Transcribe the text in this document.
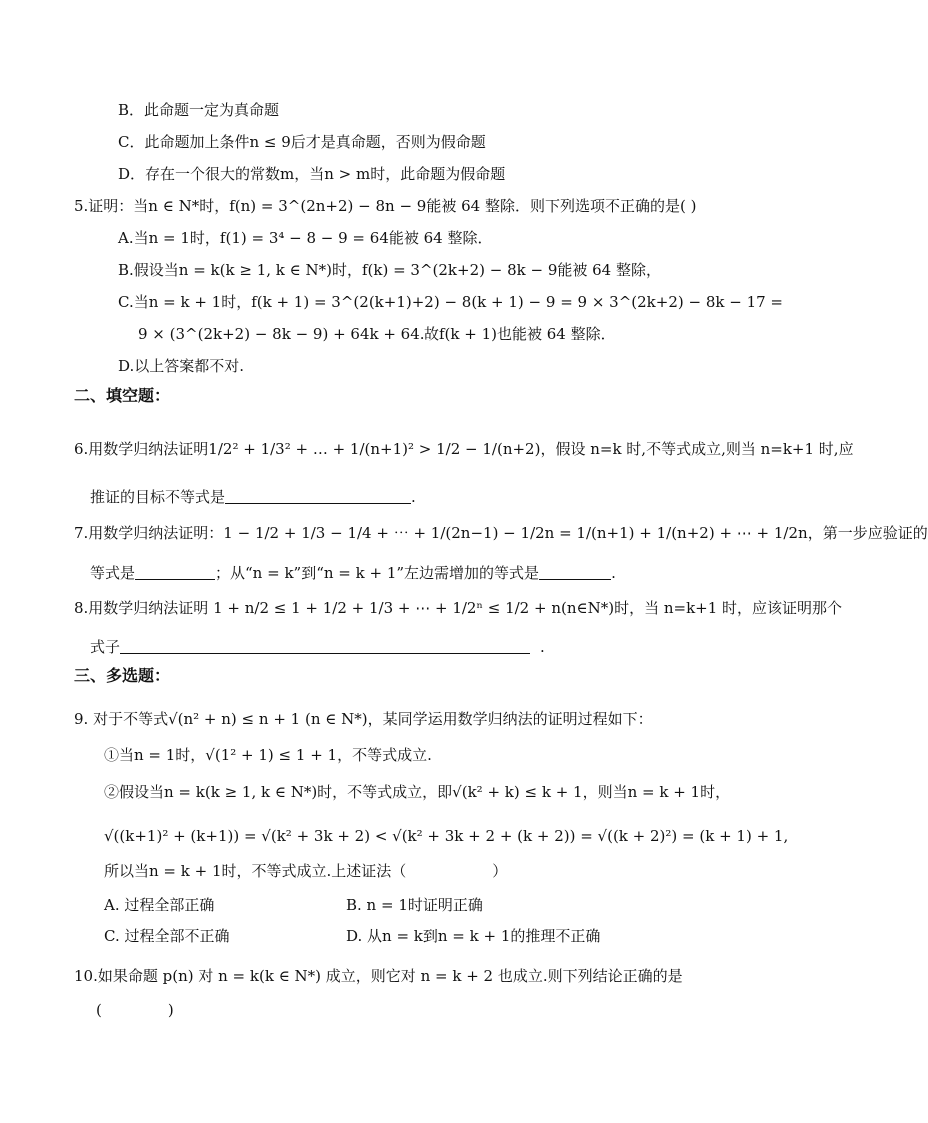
B．此命题一定为真命题
C．此命题加上条件n ≤ 9后才是真命题，否则为假命题
D．存在一个很大的常数m，当n > m时，此命题为假命题
5.证明：当n ∈ N*时，f(n) = 3^(2n+2) − 8n − 9能被 64 整除．则下列选项不正确的是( )
A.当n = 1时，f(1) = 3⁴ − 8 − 9 = 64能被 64 整除．
B.假设当n = k(k ≥ 1, k ∈ N*)时，f(k) = 3^(2k+2) − 8k − 9能被 64 整除，
C.当n = k + 1时，f(k + 1) = 3^(2(k+1)+2) − 8(k + 1) − 9 = 9 × 3^(2k+2) − 8k − 17 =
9 × (3^(2k+2) − 8k − 9) + 64k + 64. 故f(k + 1)也能被 64 整除．
D.以上答案都不对.
二、填空题：
6.用数学归纳法证明1/2² + 1/3² + … + 1/(n+1)² > 1/2 − 1/(n+2)，假设 n=k 时,不等式成立,则当 n=k+1 时,应
推证的目标不等式是	.
7.用数学归纳法证明：1 − 1/2 + 1/3 − 1/4 + ⋯ + 1/(2n−1) − 1/2n = 1/(n+1) + 1/(n+2) + ⋯ + 1/2n，第一步应验证的
等式是	；从“n = k”到“n = k + 1”左边需增加的等式是	.
8.用数学归纳法证明 1 + n/2 ≤ 1 + 1/2 + 1/3 + ⋯ + 1/2ⁿ ≤ 1/2 + n(n∈N*)时，当 n=k+1 时，应该证明那个
式子	.
三、多选题：
9. 对于不等式√(n² + n) ≤ n + 1 (n ∈ N*)，某同学运用数学归纳法的证明过程如下：
①当n = 1时，√(1² + 1) ≤ 1 + 1，不等式成立.
②假设当n = k(k ≥ 1, k ∈ N*)时，不等式成立，即√(k² + k) ≤ k + 1，则当n = k + 1时，
√((k+1)² + (k+1)) = √(k² + 3k + 2) < √(k² + 3k + 2 + (k + 2)) = √((k + 2)²) = (k + 1) + 1,
所以当n = k + 1时，不等式成立.上述证法（	）
A. 过程全部正确	B. n = 1时证明正确
C. 过程全部不正确	D. 从n = k到n = k + 1的推理不正确
10.如果命题 p(n) 对 n = k(k ∈ N*) 成立，则它对 n = k + 2 也成立.则下列结论正确的是
(	)
